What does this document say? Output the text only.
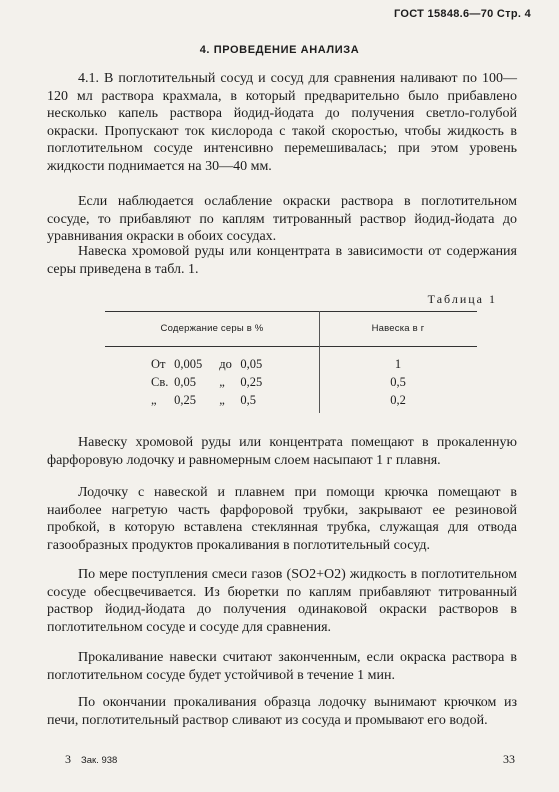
ГОСТ 15848.6—70 Стр. 4
4. ПРОВЕДЕНИЕ АНАЛИЗА

4.1. В поглотительный сосуд и сосуд для сравнения наливают по 100—120 мл раствора крахмала, в который предварительно было прибавлено несколько капель раствора йодид-йодата до получения светло-голубой окраски. Пропускают ток кислорода с такой скоростью, чтобы жидкость в поглотительном сосуде интенсивно перемешивалась; при этом уровень жидкости поднимается на 30—40 мм.

Если наблюдается ослабление окраски раствора в поглотительном сосуде, то прибавляют по каплям титрованный раствор йодид-йодата до уравнивания окраски в обоих сосудах.

Навеска хромовой руды или концентрата в зависимости от содержания серы приведена в табл. 1.

Таблица 1
Содержание серы в %	Навеска в г
От 0,005 до 0,05	1
Св. 0,05 „ 0,25	0,5
„ 0,25 „ 0,5	0,2

Навеску хромовой руды или концентрата помещают в прокаленную фарфоровую лодочку и равномерным слоем насыпают 1 г плавня.

Лодочку с навеской и плавнем при помощи крючка помещают в наиболее нагретую часть фарфоровой трубки, закрывают ее резиновой пробкой, в которую вставлена стеклянная трубка, служащая для отвода газообразных продуктов прокаливания в поглотительный сосуд.

По мере поступления смеси газов (SO2+O2) жидкость в поглотительном сосуде обесцвечивается. Из бюретки по каплям прибавляют титрованный раствор йодид-йодата до получения одинаковой окраски растворов в поглотительном сосуде и сосуде для сравнения.

Прокаливание навески считают законченным, если окраска раствора в поглотительном сосуде будет устойчивой в течение 1 мин.

По окончании прокаливания образца лодочку вынимают крючком из печи, поглотительный раствор сливают из сосуда и промывают его водой.

3 Зак. 938	33
